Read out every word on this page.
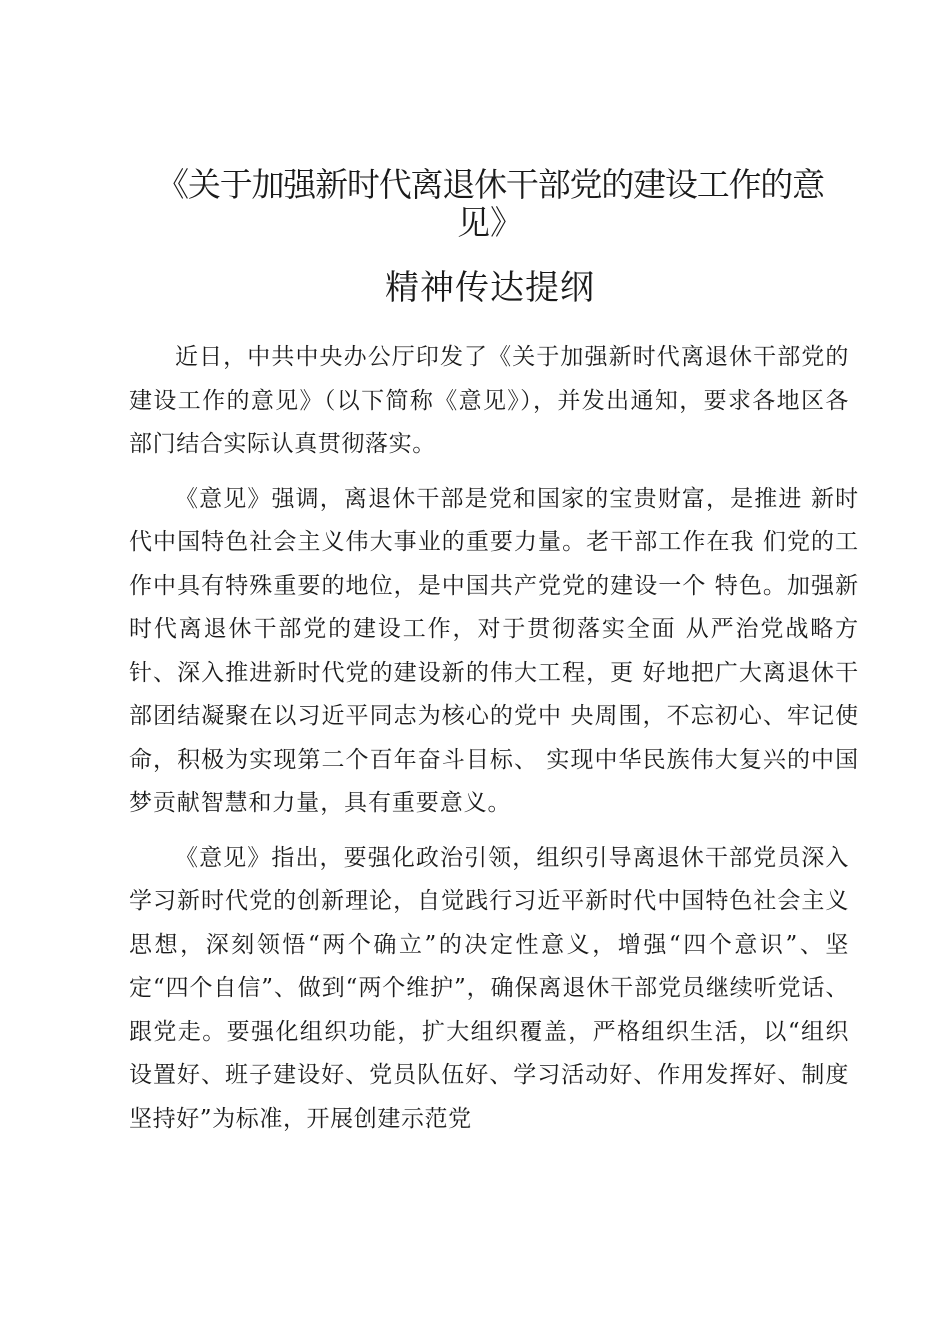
《关于加强新时代离退休干部党的建设工作的意
见》
精神传达提纲

近日，中共中央办公厅印发了《关于加强新时代离退休干部党的建设工作的意见》（以下简称《意见》），并发出通知，要求各地区各部门结合实际认真贯彻落实。

《意见》强调，离退休干部是党和国家的宝贵财富，是推进 新时代中国特色社会主义伟大事业的重要力量。老干部工作在我 们党的工作中具有特殊重要的地位，是中国共产党党的建设一个 特色。加强新时代离退休干部党的建设工作，对于贯彻落实全面 从严治党战略方针、深入推进新时代党的建设新的伟大工程，更 好地把广大离退休干部团结凝聚在以习近平同志为核心的党中 央周围，不忘初心、牢记使命，积极为实现第二个百年奋斗目标、 实现中华民族伟大复兴的中国梦贡献智慧和力量，具有重要意义。

《意见》指出，要强化政治引领，组织引导离退休干部党员深入学习新时代党的创新理论，自觉践行习近平新时代中国特色社会主义思想，深刻领悟“两个确立”的决定性意义，增强“四个意识”、坚定“四个自信”、做到“两个维护”，确保离退休干部党员继续听党话、跟党走。要强化组织功能，扩大组织覆盖，严格组织生活，以“组织设置好、班子建设好、党员队伍好、学习活动好、作用发挥好、制度坚持好”为标准，开展创建示范党
